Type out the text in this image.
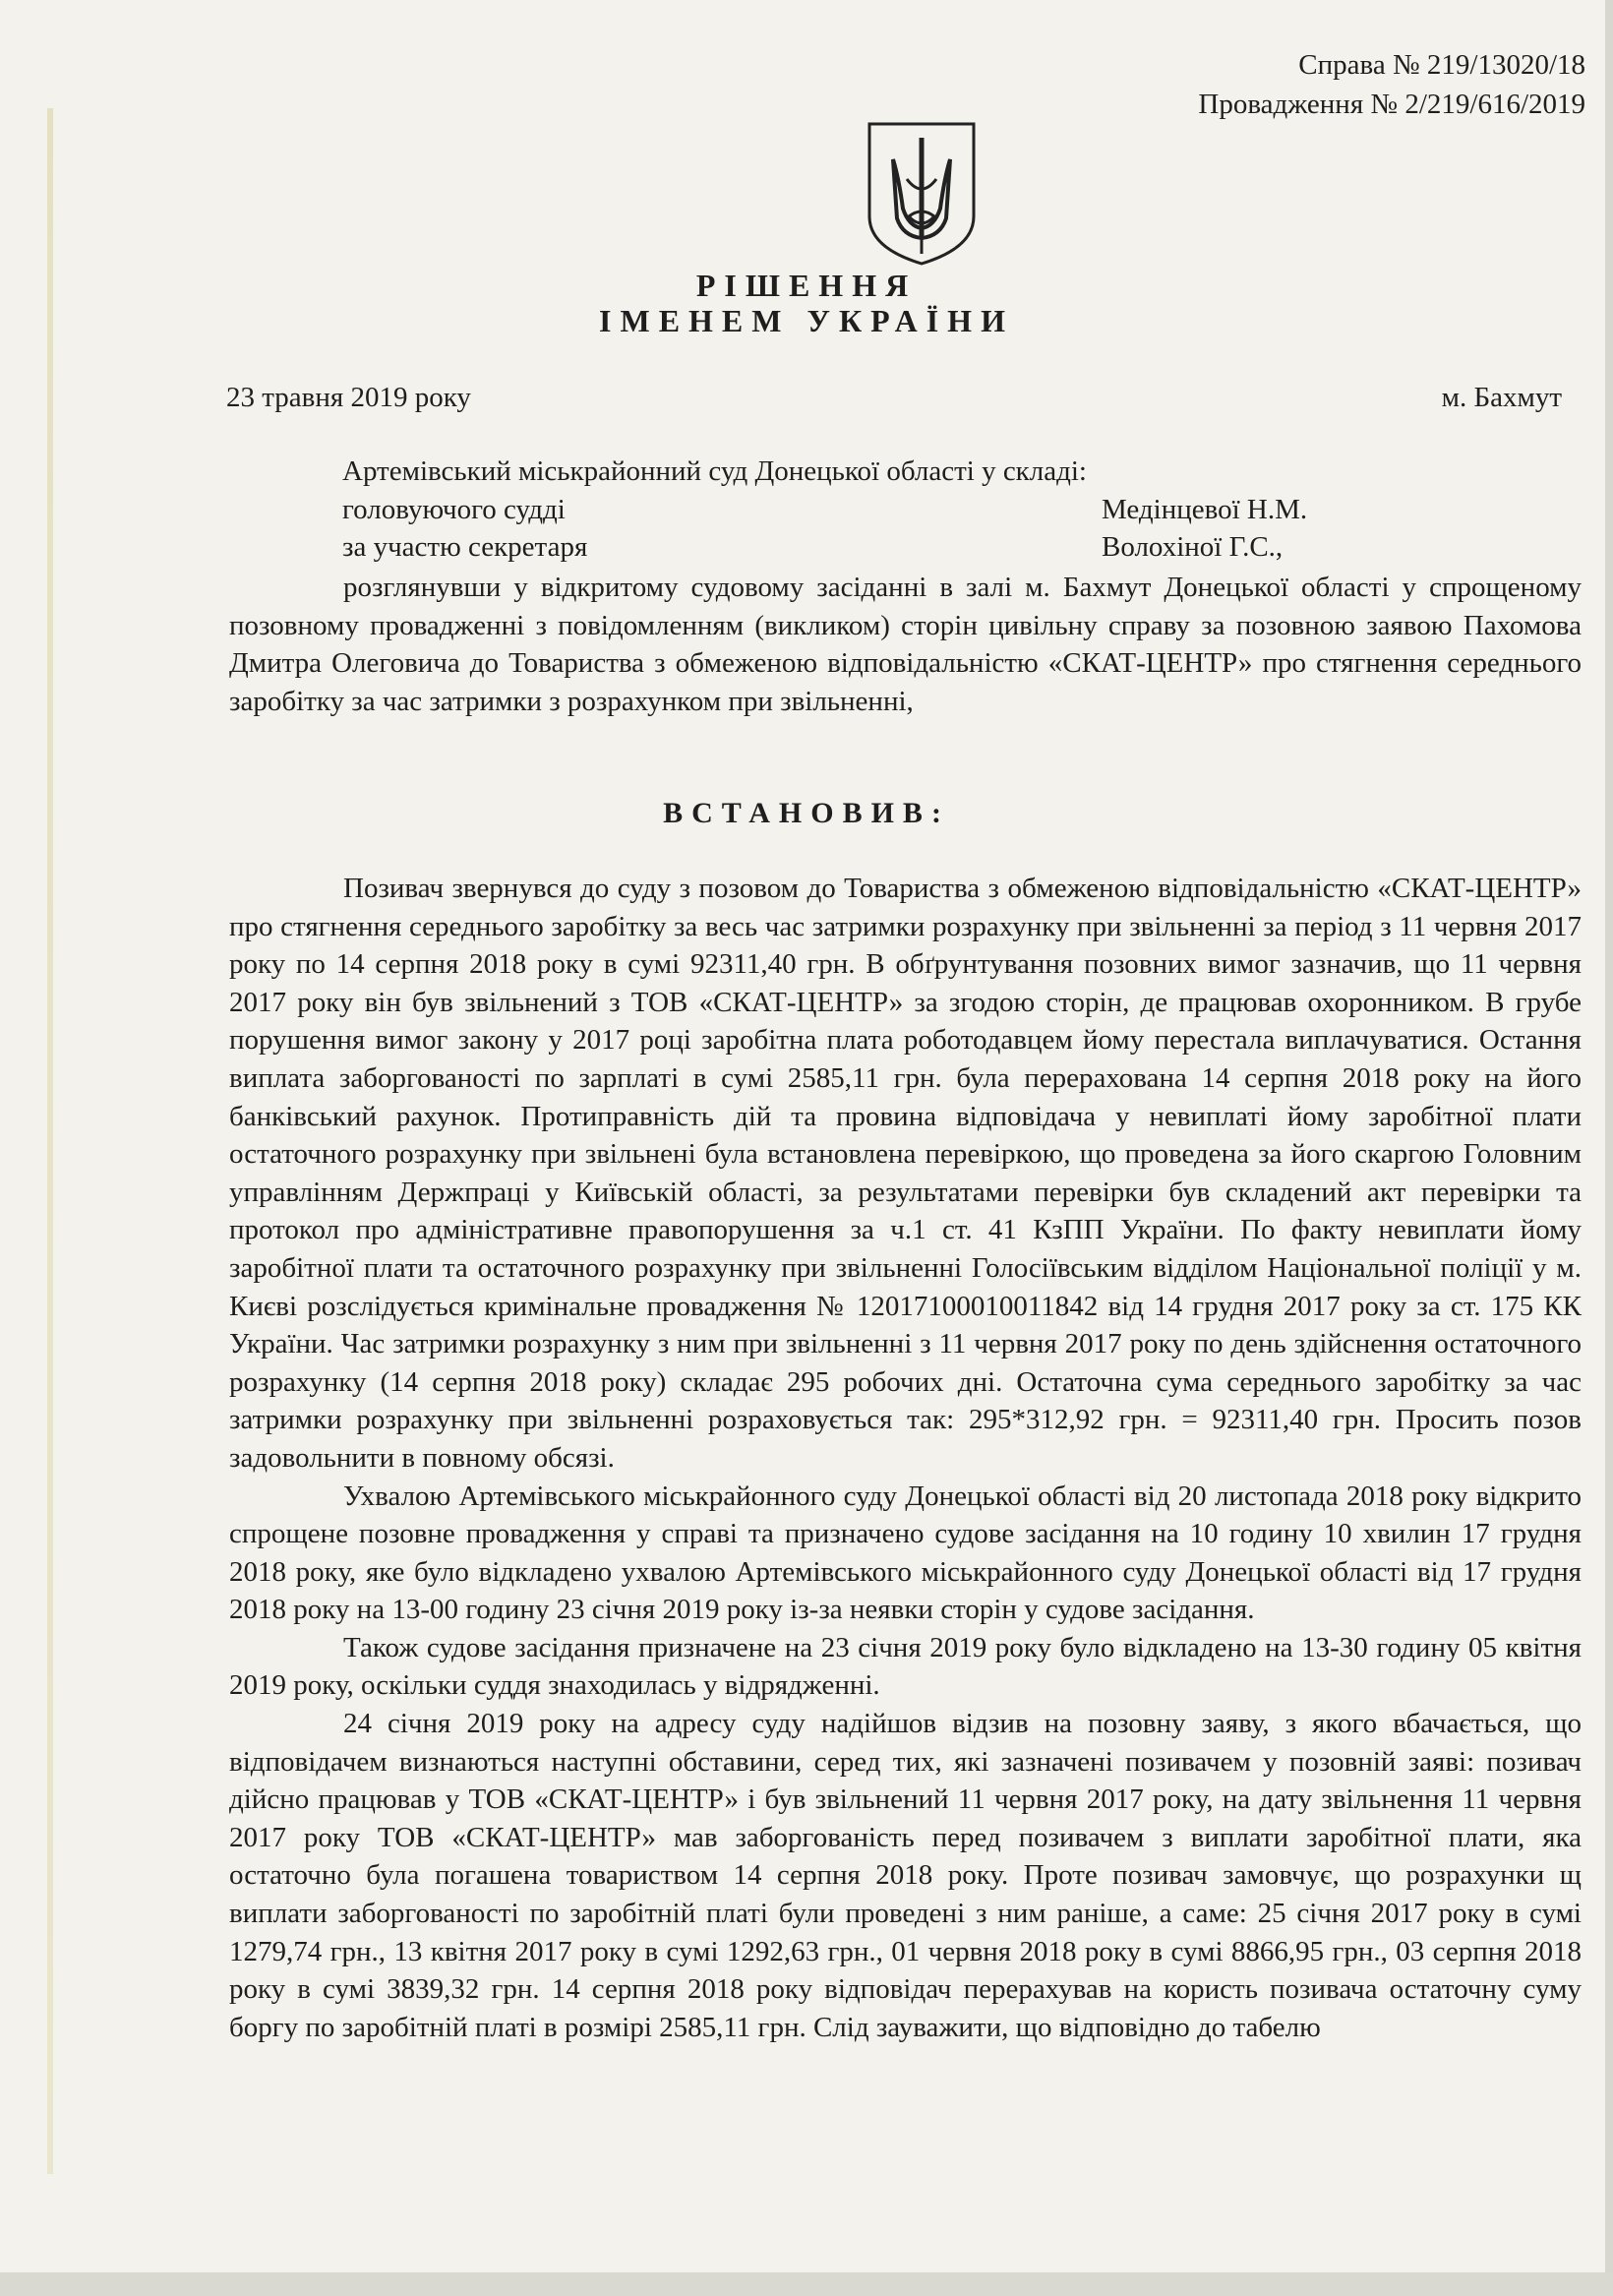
Справа № 219/13020/18
Провадження № 2/219/616/2019
РІШЕННЯ
ІМЕНЕМ УКРАЇНИ
23 травня 2019 року	м. Бахмут
Артемівський міськрайонний суд Донецької області у складі:
головуючого судді	Медінцевої Н.М.
за участю секретаря	Волохіної Г.С.,

розглянувши у відкритому судовому засіданні в залі м. Бахмут Донецької області у спрощеному позовному провадженні з повідомленням (викликом) сторін цивільну справу за позовною заявою Пахомова Дмитра Олеговича до Товариства з обмеженою відповідальністю «СКАТ-ЦЕНТР» про стягнення середнього заробітку за час затримки з розрахунком при звільненні,

ВСТАНОВИВ:

Позивач звернувся до суду з позовом до Товариства з обмеженою відповідальністю «СКАТ-ЦЕНТР» про стягнення середнього заробітку за весь час затримки розрахунку при звільненні за період з 11 червня 2017 року по 14 серпня 2018 року в сумі 92311,40 грн. В обґрунтування позовних вимог зазначив, що 11 червня 2017 року він був звільнений з ТОВ «СКАТ-ЦЕНТР» за згодою сторін, де працював охоронником. В грубе порушення вимог закону у 2017 році заробітна плата роботодавцем йому перестала виплачуватися. Остання виплата заборгованості по зарплаті в сумі 2585,11 грн. була перерахована 14 серпня 2018 року на його банківський рахунок. Протиправність дій та провина відповідача у невиплаті йому заробітної плати остаточного розрахунку при звільнені була встановлена перевіркою, що проведена за його скаргою Головним управлінням Держпраці у Київській області, за результатами перевірки був складений акт перевірки та протокол про адміністративне правопорушення за ч.1 ст. 41 КзПП України. По факту невиплати йому заробітної плати та остаточного розрахунку при звільненні Голосіївським відділом Національної поліції у м. Києві розслідується кримінальне провадження № 12017100010011842 від 14 грудня 2017 року за ст. 175 КК України. Час затримки розрахунку з ним при звільненні з 11 червня 2017 року по день здійснення остаточного розрахунку (14 серпня 2018 року) складає 295 робочих дні. Остаточна сума середнього заробітку за час затримки розрахунку при звільненні розраховується так: 295*312,92 грн. = 92311,40 грн. Просить позов задовольнити в повному обсязі.

Ухвалою Артемівського міськрайонного суду Донецької області від 20 листопада 2018 року відкрито спрощене позовне провадження у справі та призначено судове засідання на 10 годину 10 хвилин 17 грудня 2018 року, яке було відкладено ухвалою Артемівського міськрайонного суду Донецької області від 17 грудня 2018 року на 13-00 годину 23 січня 2019 року із-за неявки сторін у судове засідання.

Також судове засідання призначене на 23 січня 2019 року було відкладено на 13-30 годину 05 квітня 2019 року, оскільки суддя знаходилась у відрядженні.

24 січня 2019 року на адресу суду надійшов відзив на позовну заяву, з якого вбачається, що відповідачем визнаються наступні обставини, серед тих, які зазначені позивачем у позовній заяві: позивач дійсно працював у ТОВ «СКАТ-ЦЕНТР» і був звільнений 11 червня 2017 року, на дату звільнення 11 червня 2017 року ТОВ «СКАТ-ЦЕНТР» мав заборгованість перед позивачем з виплати заробітної плати, яка остаточно була погашена товариством 14 серпня 2018 року. Проте позивач замовчує, що розрахунки щ виплати заборгованості по заробітній платі були проведені з ним раніше, а саме: 25 січня 2017 року в сумі 1279,74 грн., 13 квітня 2017 року в сумі 1292,63 грн., 01 червня 2018 року в сумі 8866,95 грн., 03 серпня 2018 року в сумі 3839,32 грн. 14 серпня 2018 року відповідач перерахував на користь позивача остаточну суму боргу по заробітній платі в розмірі 2585,11 грн. Слід зауважити, що відповідно до табелю
